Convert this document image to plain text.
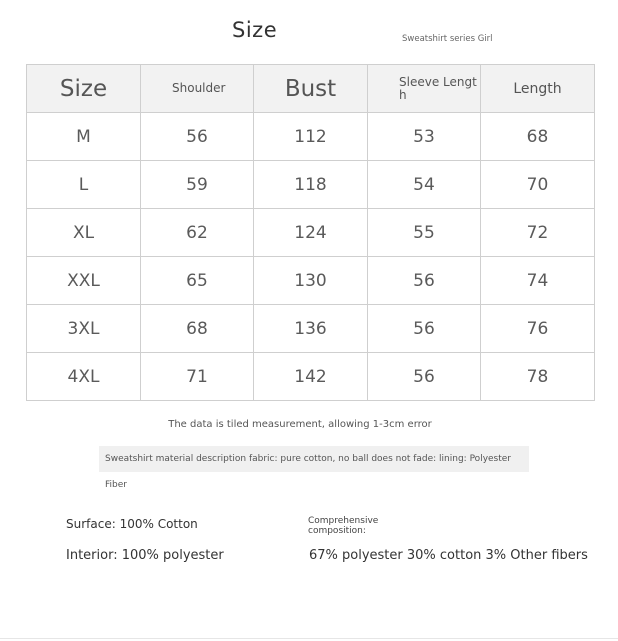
Size	Sweatshirt series Girl
Size	Shoulder	Bust	Sleeve Length	Length
M	56	112	53	68
L	59	118	54	70
XL	62	124	55	72
XXL	65	130	56	74
3XL	68	136	56	76
4XL	71	142	56	78
The data is tiled measurement, allowing 1-3cm error
Sweatshirt material description fabric: pure cotton, no ball does not fade: lining: Polyester Fiber
Surface: 100% Cotton
Interior: 100% polyester
Comprehensive composition:
67% polyester 30% cotton 3% Other fibers
